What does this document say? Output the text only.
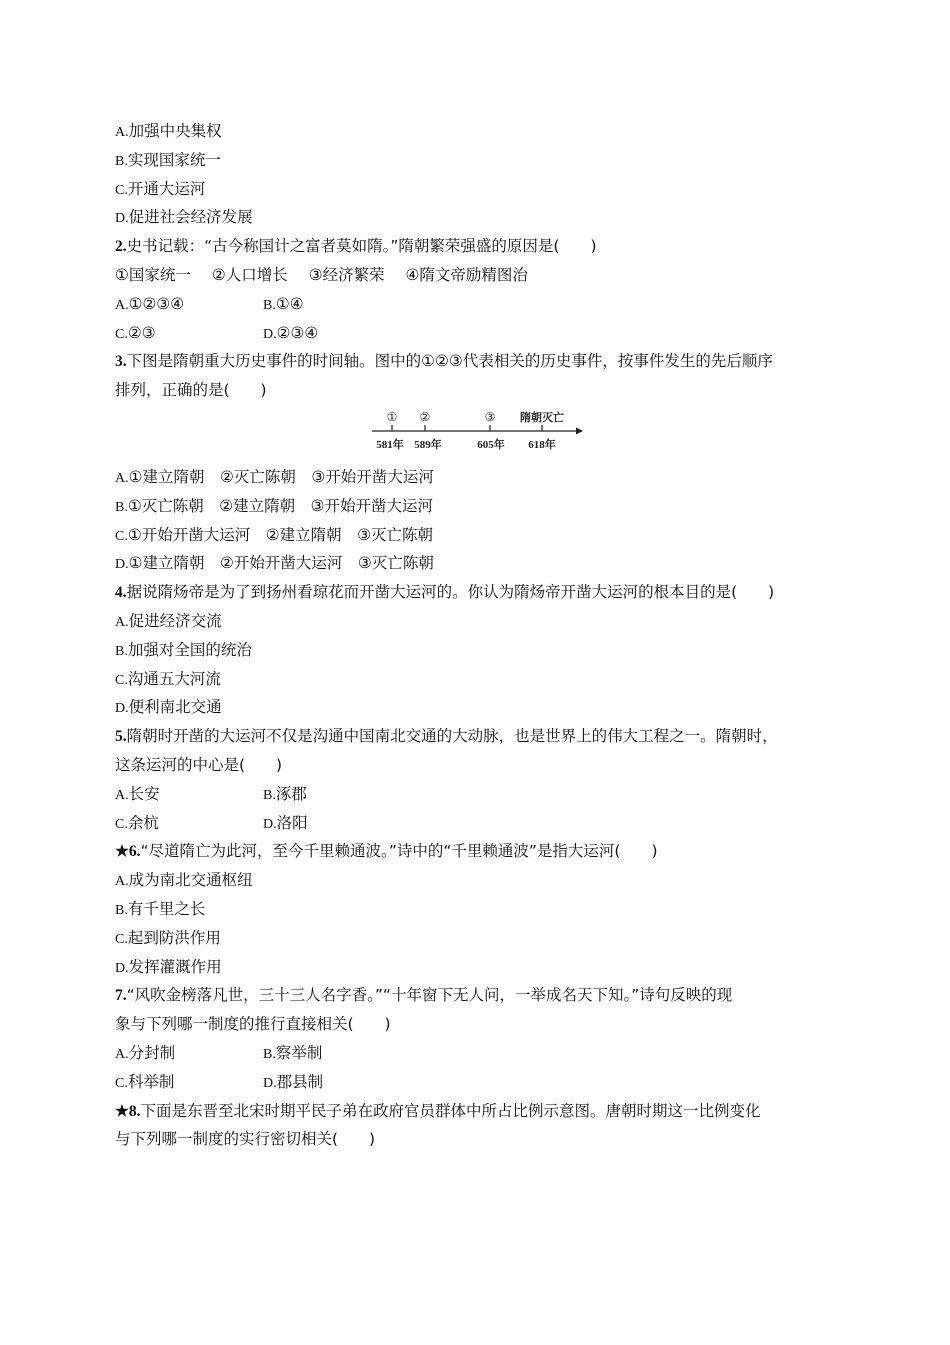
A.加强中央集权
B.实现国家统一
C.开通大运河
D.促进社会经济发展
2.史书记载：“古今称国计之富者莫如隋。”隋朝繁荣强盛的原因是(　　)
①国家统一 ②人口增长 ③经济繁荣 ④隋文帝励精图治
A.①②③④	B.①④
C.②③	D.②③④
3.下图是隋朝重大历史事件的时间轴。图中的①②③代表相关的历史事件，按事件发生的先后顺序
排列，正确的是(　　)
① ②	③ 隋朝灭亡
581年 589年	605年 618年
A.①建立隋朝　②灭亡陈朝　③开始开凿大运河
B.①灭亡陈朝　②建立隋朝　③开始开凿大运河
C.①开始开凿大运河　②建立隋朝　③灭亡陈朝
D.①建立隋朝　②开始开凿大运河　③灭亡陈朝
4.据说隋炀帝是为了到扬州看琼花而开凿大运河的。你认为隋炀帝开凿大运河的根本目的是(　　)
A.促进经济交流
B.加强对全国的统治
C.沟通五大河流
D.便利南北交通
5.隋朝时开凿的大运河不仅是沟通中国南北交通的大动脉，也是世界上的伟大工程之一。隋朝时，
这条运河的中心是(　　)
A.长安	B.涿郡
C.余杭	D.洛阳
★6.“尽道隋亡为此河，至今千里赖通波。”诗中的“千里赖通波”是指大运河(　　)
A.成为南北交通枢纽
B.有千里之长
C.起到防洪作用
D.发挥灌溉作用
7.“风吹金榜落凡世，三十三人名字香。”“十年窗下无人问，一举成名天下知。”诗句反映的现
象与下列哪一制度的推行直接相关(　　)
A.分封制	B.察举制
C.科举制	D.郡县制
★8.下面是东晋至北宋时期平民子弟在政府官员群体中所占比例示意图。唐朝时期这一比例变化
与下列哪一制度的实行密切相关(　　)
